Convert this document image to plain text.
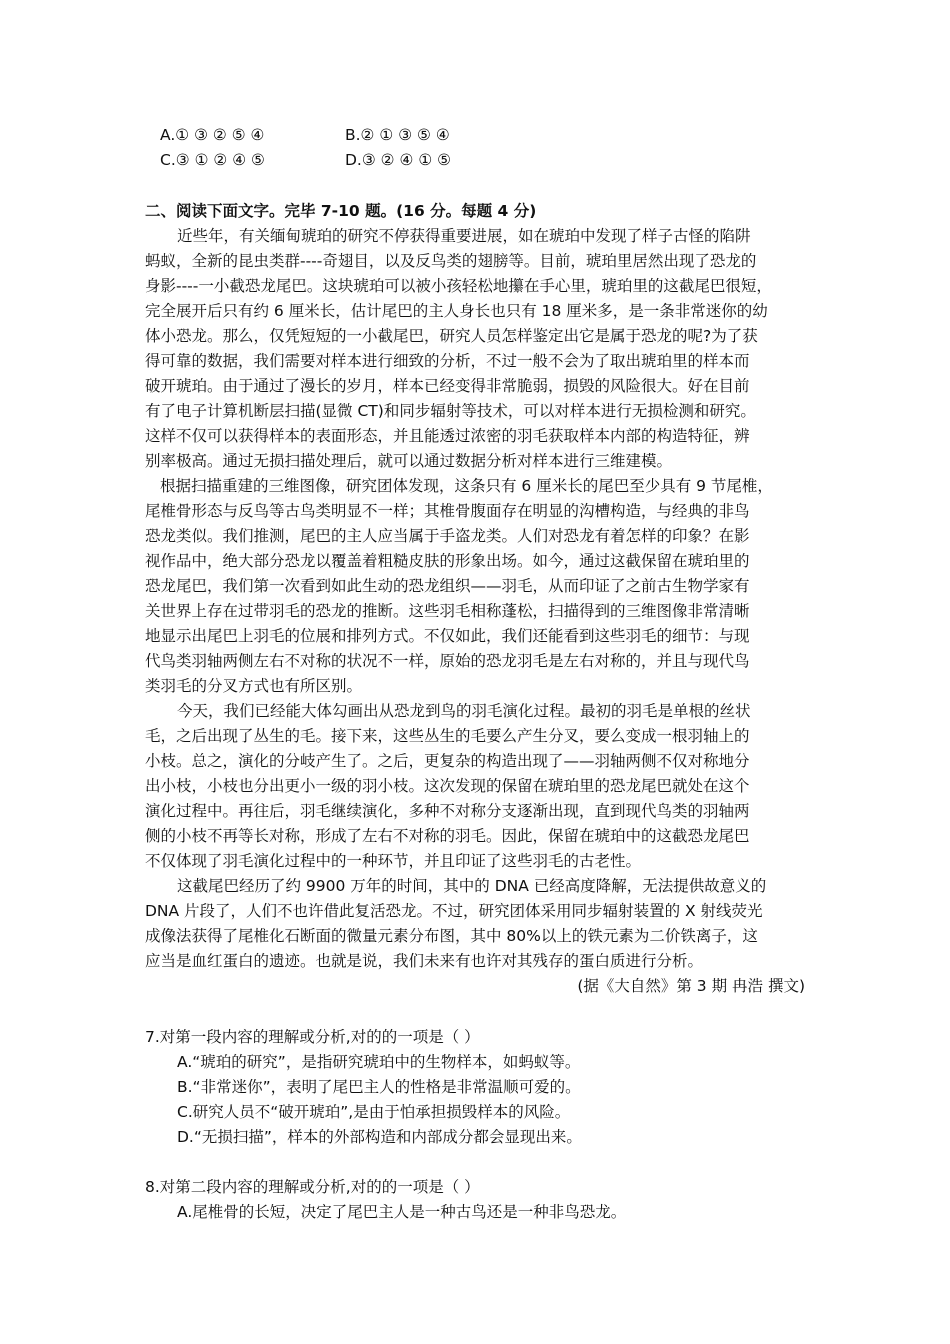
A.① ③ ② ⑤ ④	B.② ① ③ ⑤ ④
C.③ ① ② ④ ⑤	D.③ ② ④ ① ⑤
二、阅读下面文字。完毕 7-10 题。(16 分。每题 4 分)
近些年，有关缅甸琥珀的研究不停获得重要进展，如在琥珀中发现了样子古怪的陷阱
蚂蚁，全新的昆虫类群----奇翅目，以及反鸟类的翅膀等。目前，琥珀里居然出现了恐龙的
身影----一小截恐龙尾巴。这块琥珀可以被小孩轻松地攥在手心里，琥珀里的这截尾巴很短，
完全展开后只有约 6 厘米长，估计尾巴的主人身长也只有 18 厘米多，是一条非常迷你的幼
体小恐龙。那么，仅凭短短的一小截尾巴，研究人员怎样鉴定出它是属于恐龙的呢?为了获
得可靠的数据，我们需要对样本进行细致的分析，不过一般不会为了取出琥珀里的样本而
破开琥珀。由于通过了漫长的岁月，样本已经变得非常脆弱，损毁的风险很大。好在目前
有了电子计算机断层扫描(显微 CT)和同步辐射等技术，可以对样本进行无损检测和研究。
这样不仅可以获得样本的表面形态，并且能透过浓密的羽毛获取样本内部的构造特征，辨
别率极高。通过无损扫描处理后，就可以通过数据分析对样本进行三维建模。
根据扫描重建的三维图像，研究团体发现，这条只有 6 厘米长的尾巴至少具有 9 节尾椎，
尾椎骨形态与反鸟等古鸟类明显不一样；其椎骨腹面存在明显的沟槽构造，与经典的非鸟
恐龙类似。我们推测，尾巴的主人应当属于手盗龙类。人们对恐龙有着怎样的印象？在影
视作品中，绝大部分恐龙以覆盖着粗糙皮肤的形象出场。如今，通过这截保留在琥珀里的
恐龙尾巴，我们第一次看到如此生动的恐龙组织——羽毛，从而印证了之前古生物学家有
关世界上存在过带羽毛的恐龙的推断。这些羽毛相称蓬松，扫描得到的三维图像非常清晰
地显示出尾巴上羽毛的位展和排列方式。不仅如此，我们还能看到这些羽毛的细节：与现
代鸟类羽轴两侧左右不对称的状况不一样，原始的恐龙羽毛是左右对称的，并且与现代鸟
类羽毛的分叉方式也有所区别。
今天，我们已经能大体勾画出从恐龙到鸟的羽毛演化过程。最初的羽毛是单根的丝状
毛，之后出现了丛生的毛。接下来，这些丛生的毛要么产生分叉，要么变成一根羽轴上的
小枝。总之，演化的分岐产生了。之后，更复杂的构造出现了——羽轴两侧不仅对称地分
出小枝，小枝也分出更小一级的羽小枝。这次发现的保留在琥珀里的恐龙尾巴就处在这个
演化过程中。再往后，羽毛继续演化，多种不对称分支逐渐出现，直到现代鸟类的羽轴两
侧的小枝不再等长对称，形成了左右不对称的羽毛。因此，保留在琥珀中的这截恐龙尾巴
不仅体现了羽毛演化过程中的一种环节，并且印证了这些羽毛的古老性。
这截尾巴经历了约 9900 万年的时间，其中的 DNA 已经高度降解，无法提供故意义的
DNA 片段了，人们不也许借此复活恐龙。不过，研究团体采用同步辐射装置的 X 射线荧光
成像法获得了尾椎化石断面的微量元素分布图，其中 80%以上的铁元素为二价铁离子，这
应当是血红蛋白的遗迹。也就是说，我们未来有也许对其残存的蛋白质进行分析。
(据《大自然》第 3 期 冉浩 撰文)
7.对第一段内容的理解或分析,对的的一项是（ ）
A.“琥珀的研究”，是指研究琥珀中的生物样本，如蚂蚁等。
B.“非常迷你”，表明了尾巴主人的性格是非常温顺可爱的。
C.研究人员不“破开琥珀”,是由于怕承担损毁样本的风险。
D.“无损扫描”，样本的外部构造和内部成分都会显现出来。
8.对第二段内容的理解或分析,对的的一项是（ ）
A.尾椎骨的长短，决定了尾巴主人是一种古鸟还是一种非鸟恐龙。
